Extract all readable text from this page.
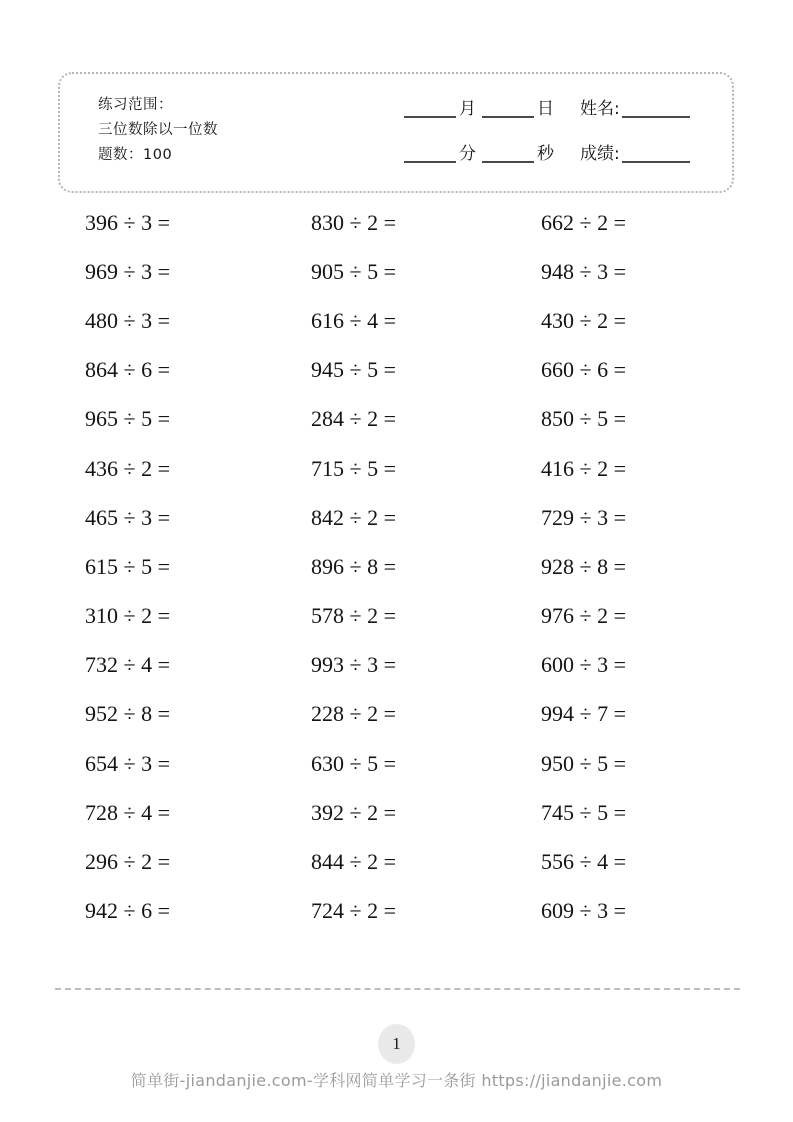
练习范围：
三位数除以一位数
题数：100
月	日 姓名:
分	秒 成绩:
396 ÷ 3 =	830 ÷ 2 =	662 ÷ 2 =
969 ÷ 3 =	905 ÷ 5 =	948 ÷ 3 =
480 ÷ 3 =	616 ÷ 4 =	430 ÷ 2 =
864 ÷ 6 =	945 ÷ 5 =	660 ÷ 6 =
965 ÷ 5 =	284 ÷ 2 =	850 ÷ 5 =
436 ÷ 2 =	715 ÷ 5 =	416 ÷ 2 =
465 ÷ 3 =	842 ÷ 2 =	729 ÷ 3 =
615 ÷ 5 =	896 ÷ 8 =	928 ÷ 8 =
310 ÷ 2 =	578 ÷ 2 =	976 ÷ 2 =
732 ÷ 4 =	993 ÷ 3 =	600 ÷ 3 =
952 ÷ 8 =	228 ÷ 2 =	994 ÷ 7 =
654 ÷ 3 =	630 ÷ 5 =	950 ÷ 5 =
728 ÷ 4 =	392 ÷ 2 =	745 ÷ 5 =
296 ÷ 2 =	844 ÷ 2 =	556 ÷ 4 =
942 ÷ 6 =	724 ÷ 2 =	609 ÷ 3 =
1
简单街-jiandanjie.com-学科网简单学习一条街 https://jiandanjie.com
